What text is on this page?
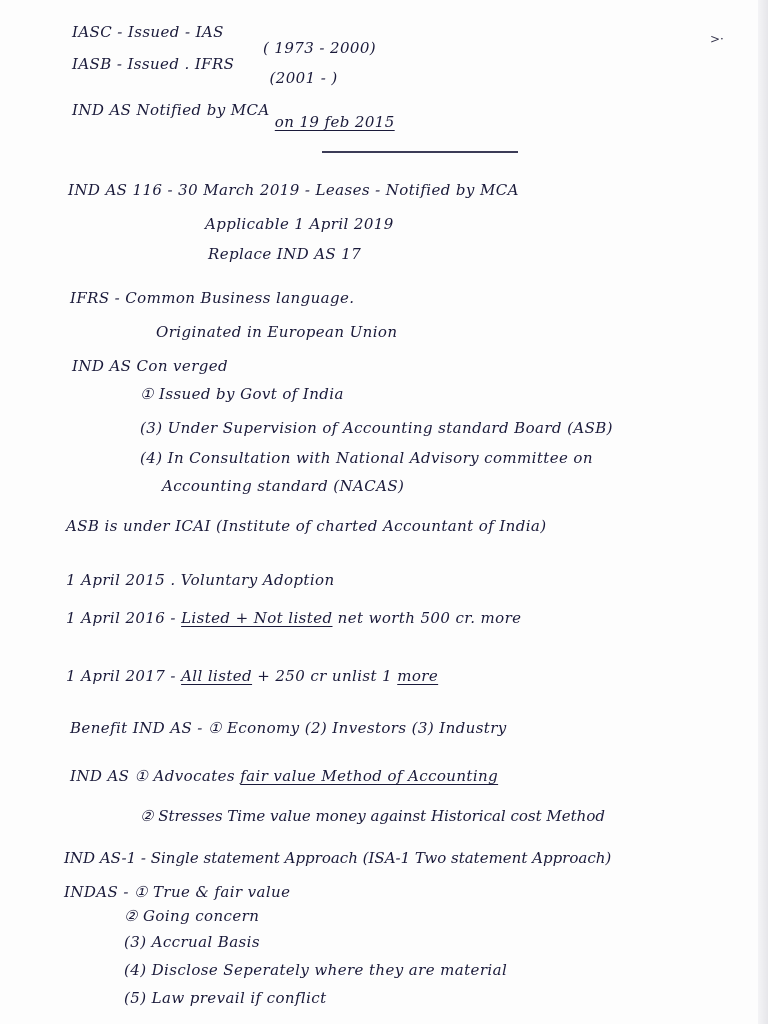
IASC - Issued - IAS ( 1973 - 2000)
IASB - Issued . IFRS (2001 - )
>·
IND AS Notified by MCA on 19 feb 2015
IND AS 116 - 30 March 2019 - Leases - Notified by MCA
Applicable 1 April 2019
Replace IND AS 17
IFRS - Common Business language.
Originated in European Union
IND AS Con verged
① Issued by Govt of India
(3) Under Supervision of Accounting standard Board (ASB)
(4) In Consultation with National Advisory committee on
Accounting standard (NACAS)
ASB is under ICAI (Institute of charted Accountant of India)
1 April 2015 . Voluntary Adoption
1 April 2016 - Listed + Not listed net worth 500 cr. more
1 April 2017 - All listed + 250 cr unlist 1 more
Benefit IND AS - ① Economy (2) Investors (3) Industry
IND AS ① Advocates fair value Method of Accounting
② Stresses Time value money against Historical cost Method
IND AS-1 - Single statement Approach (ISA-1 Two statement Approach)
INDAS - ① True & fair value
② Going concern
(3) Accrual Basis
(4) Disclose Seperately where they are material
(5) Law prevail if conflict
